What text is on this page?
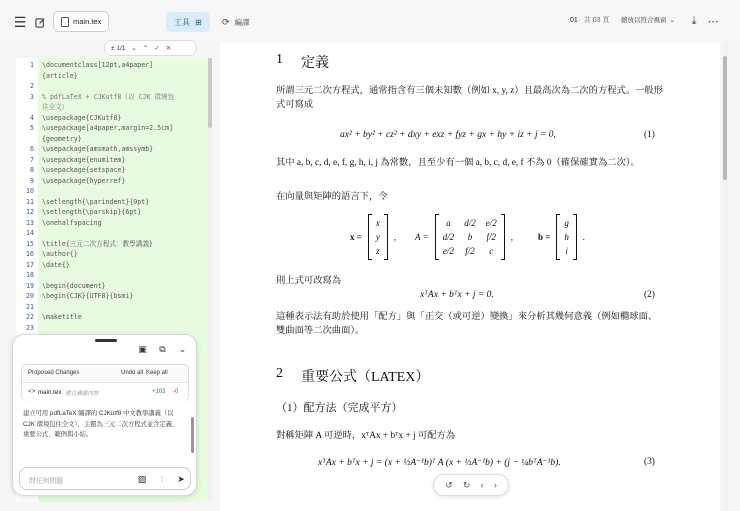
☰	main.tex	工具 ⊞ ⟳ 編譯	01 共 03 頁 縮放以符合視窗 ⌄	⤓	⋯
1
2
3
4
5
6
7
8
9
10
11
12
13
14
15
16
17
18
19
20
21
22
23
\documentclass[12pt,a4paper]
{article}
% pdfLaTeX + CJKutf8（以 CJK 環境包
住全文）
\usepackage{CJKutf8}
\usepackage[a4paper,margin=2.5cm]
{geometry}
\usepackage{amsmath,amssymb}
\usepackage{enumitem}
\usepackage{setspace}
\usepackage{hyperref}
\setlength{\parindent}{0pt}
\setlength{\parskip}{6pt}
\onehalfspacing
\title{三元二次方程式：教學講義}
\author{}
\date{}
\begin{document}
\begin{CJK}{UTF8}{bsmi}
\maketitle
± 1/1 ⌄ ⌃ ✓ ✕
▣ ⧉ ⌄
Proposed Changes	Undo all Keep all
<> main.tex 建立講義內容	+103 -0
建立可用 pdfLaTeX 編譯的 CJKutf8 中文教學講義（以 CJK 環境包住全文），主題為三元二次方程式並含定義、重要公式、範例與小結。
問任何問題	▨	⫶	➤
1 定義
所謂三元二次方程式，通常指含有三個未知數（例如 x, y, z）且最高次為二次的方程式。一般形式可寫成
ax² + by² + cz² + dxy + exz + fyz + gx + hy + iz + j = 0,	(1)
其中 a, b, c, d, e, f, g, h, i, j 為常數，且至少有一個 a, b, c, d, e, f 不為 0（確保確實為二次）。
在向量與矩陣的語言下，令
x =
x
y
z
, A =
a	d/2 e/2
d/2	b	f/2
e/2 f/2	c
,	b =
g
h
i
.
則上式可改寫為
xᵀAx + bᵀx + j = 0.	(2)
這種表示法有助於使用「配方」與「正交（或可逆）變換」來分析其幾何意義（例如橢球面、雙曲面等二次曲面）。
2 重要公式（LATEX）
（1）配方法（完成平方）
對稱矩陣 A 可逆時，xᵀAx + bᵀx + j 可配方為
xᵀAx + bᵀx + j = (x + ½A⁻¹b)ᵀ A (x + ½A⁻¹b) + (j − ¼bᵀA⁻¹b).	(3)
↺ ↻ ‹ ›
